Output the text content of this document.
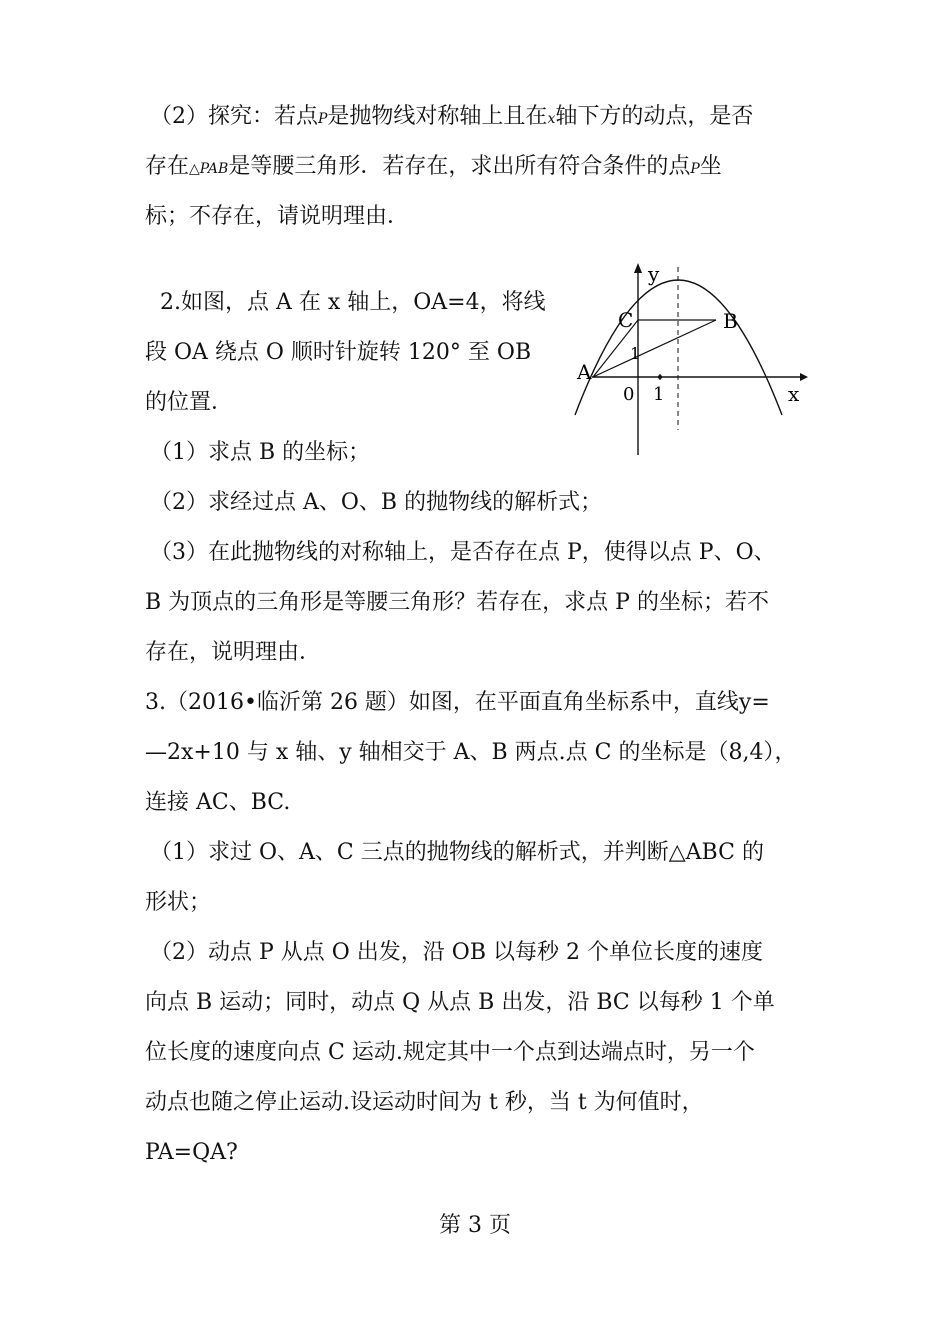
（2）探究：若点P是抛物线对称轴上且在x轴下方的动点，是否
存在△PAB是等腰三角形．若存在，求出所有符合条件的点P坐
标；不存在，请说明理由．
2.如图，点 A 在 x 轴上，OA=4，将线
段 OA 绕点 O 顺时针旋转 120° 至 OB
的位置．
（1）求点 B 的坐标；
（2）求经过点 A、O、B 的抛物线的解析式；
（3）在此抛物线的对称轴上，是否存在点 P，使得以点 P、O、
B 为顶点的三角形是等腰三角形？若存在，求点 P 的坐标；若不
存在，说明理由．
3.（2016•临沂第 26 题）如图，在平面直角坐标系中，直线y=
—2x+10 与 x 轴、y 轴相交于 A、B 两点.点 C 的坐标是（8,4），
连接 AC、BC.
（1）求过 O、A、C 三点的抛物线的解析式，并判断△ABC 的
形状；
（2）动点 P 从点 O 出发，沿 OB 以每秒 2 个单位长度的速度
向点 B 运动；同时，动点 Q 从点 B 出发，沿 BC 以每秒 1 个单
位长度的速度向点 C 运动.规定其中一个点到达端点时，另一个
动点也随之停止运动.设运动时间为 t 秒，当 t 为何值时，
PA=QA?
y
x
C	B
A
0 1
1
第 3 页
